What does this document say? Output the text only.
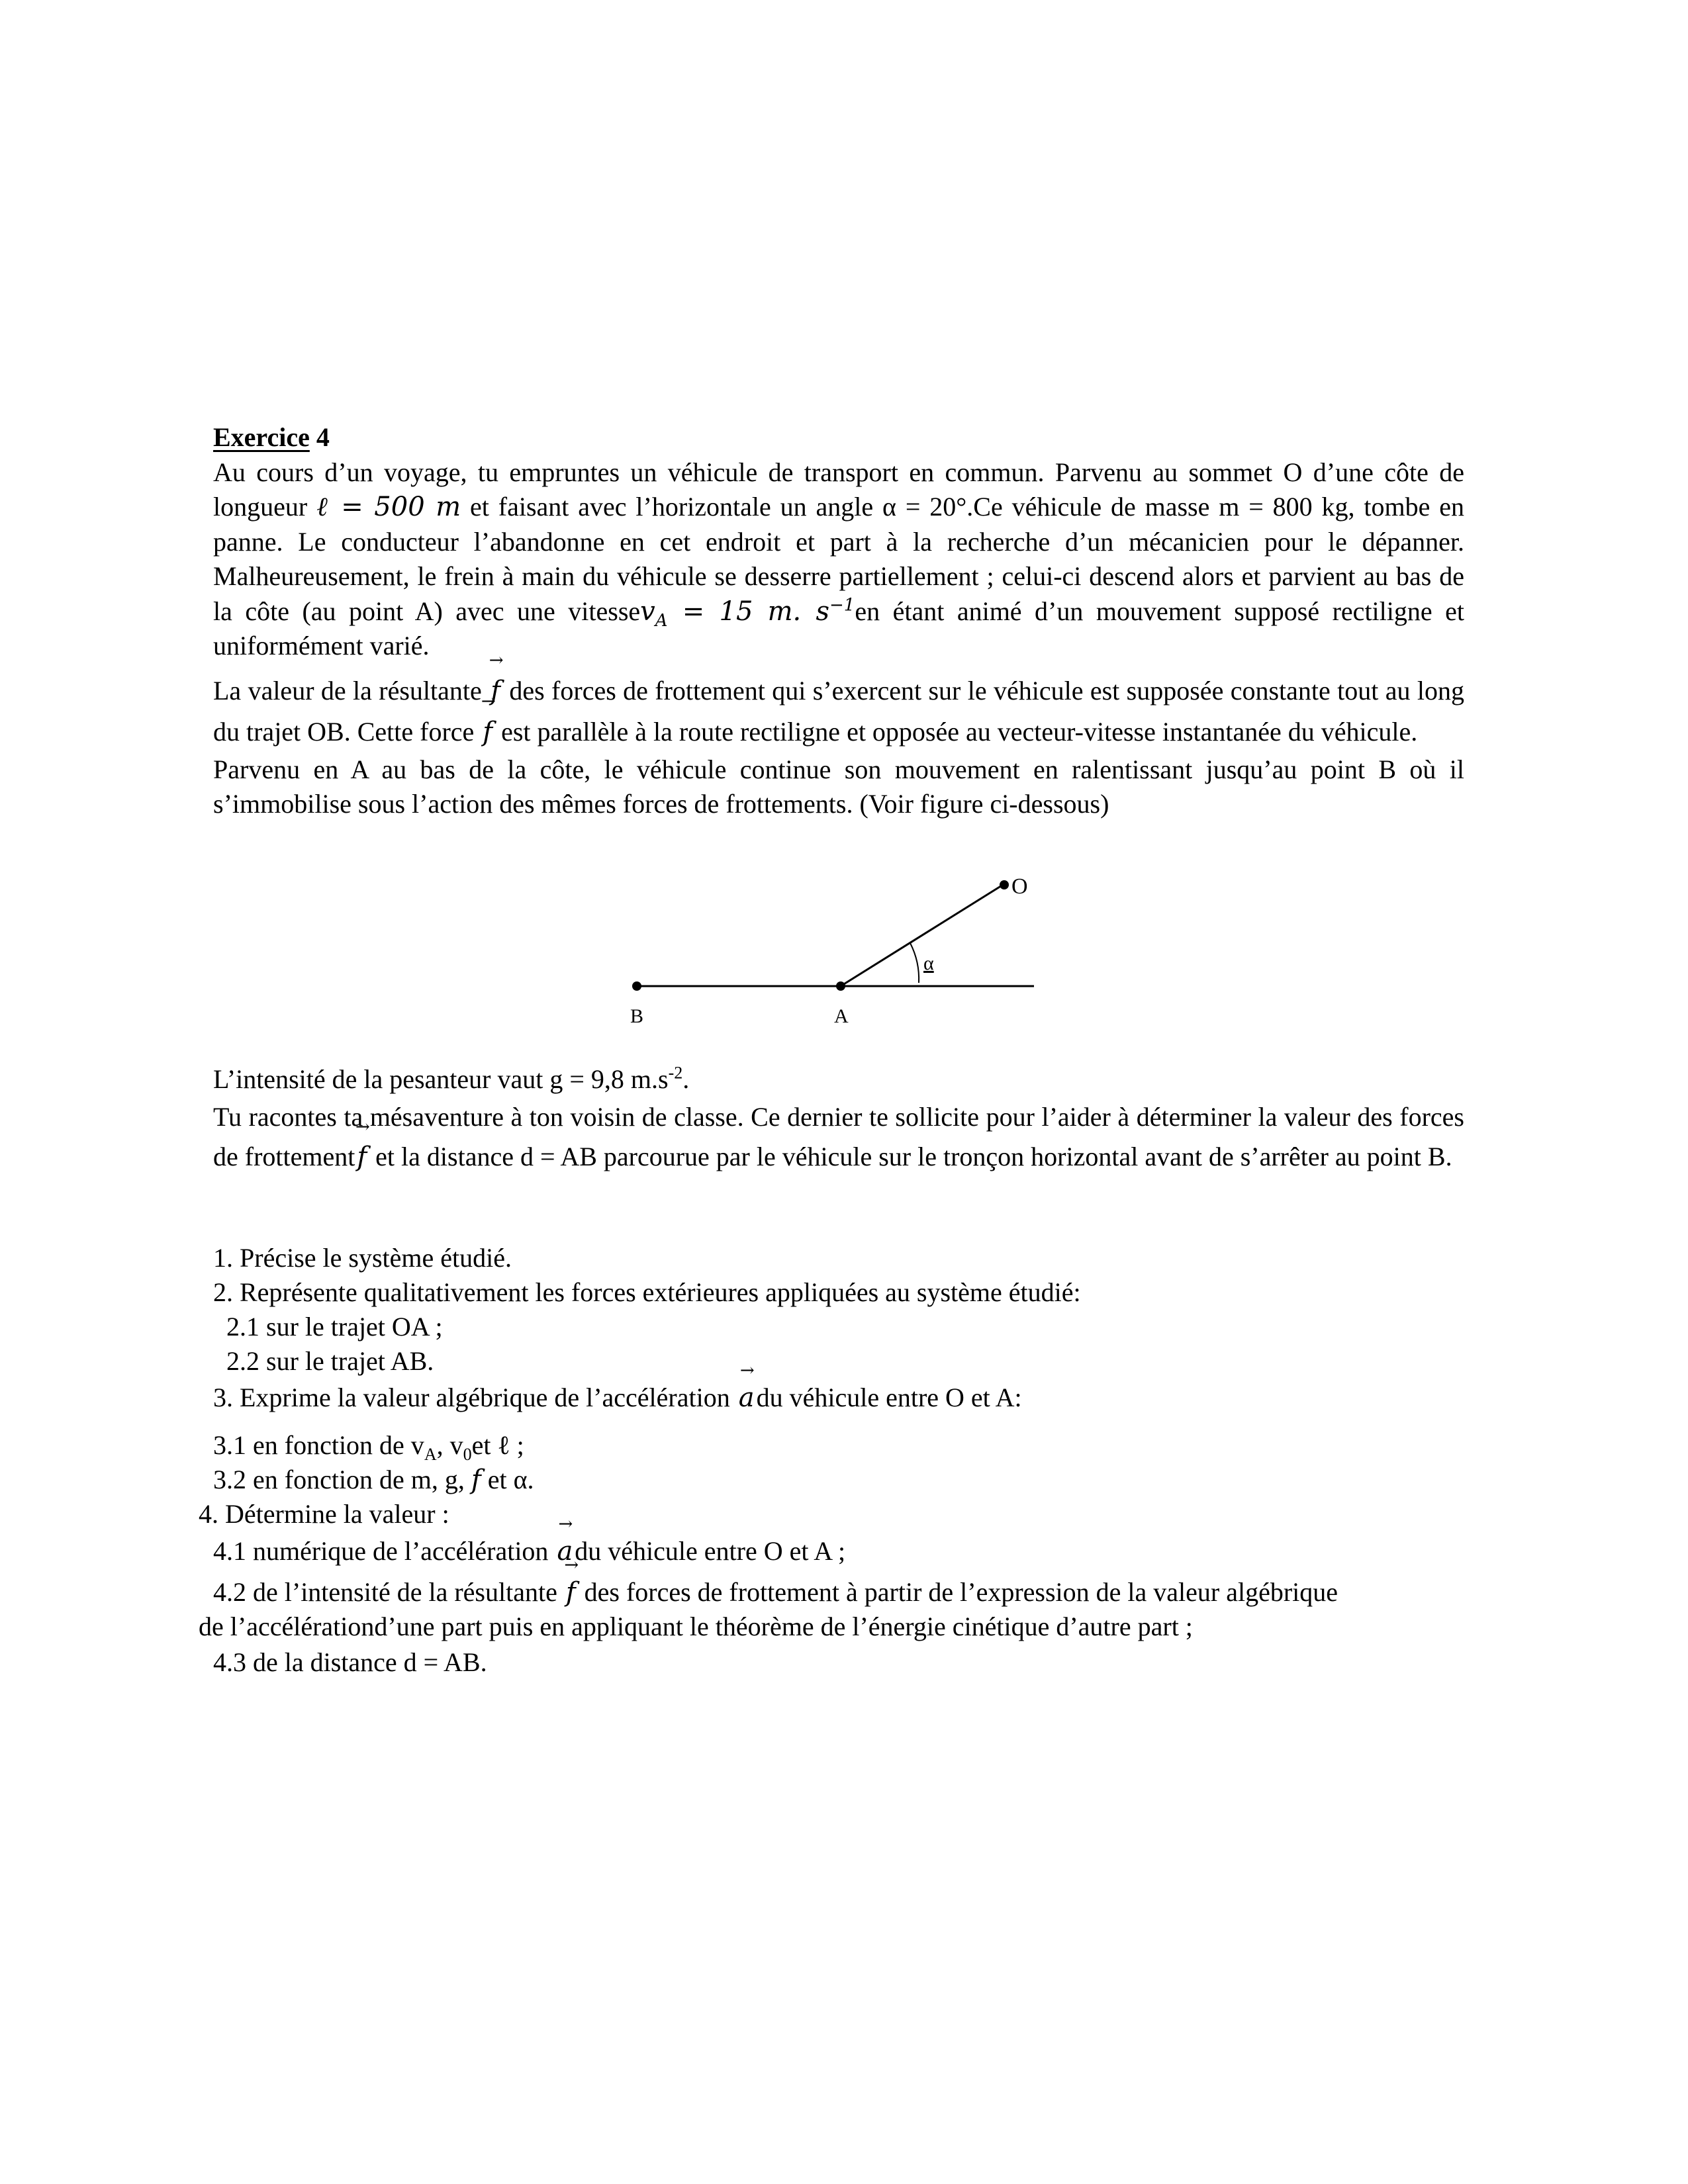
Exercice 4

Au cours d’un voyage, tu empruntes un véhicule de transport en commun. Parvenu au sommet O d’une côte de longueur ℓ = 500 m et faisant avec l’horizontale un angle α = 20°.Ce véhicule de masse m = 800 kg, tombe en panne. Le conducteur l’abandonne en cet endroit et part à la recherche d’un mécanicien pour le dépanner. Malheureusement, le frein à main du véhicule se desserre partiellement ; celui-ci descend alors et parvient au bas de la côte (au point A) avec une vitessev$_A$ = 15 m. $s^{-1}en$ étant animé d’un mouvement supposé rectiligne et uniformément varié.

La valeur de la résultante → f des forces de frottement qui s’exercent sur le véhicule est supposée constante tout au long du trajet OB. Cette force → f est parallèle à la route rectiligne et opposée au vecteur-vitesse instantanée du véhicule.

Parvenu en A au bas de la côte, le véhicule continue son mouvement en ralentissant jusqu’au point B où il s’immobilise sous l’action des mêmes forces de frottements. (Voir figure ci-dessous)

O
B	A
α

L’intensité de la pesanteur vaut g = 9,8 $m.s^{-2}$.

Tu racontes ta mésaventure à ton voisin de classe. Ce dernier te sollicite pour l’aider à déterminer la valeur des forces de frottement→ f et la distance d = AB parcourue par le véhicule sur le tronçon horizontal avant de s’arrêter au point B.

1. Précise le système étudié.
2. Représente qualitativement les forces extérieures appliquées au système étudié:
2.1 sur le trajet OA ;
2.2 sur le trajet AB.
3. Exprime la valeur algébrique de l’accélération → adu véhicule entre O et A:
3.1 en fonction de $v_A$, $v_0et$ ℓ ;
3.2 en fonction de m, g, f et α.
4. Détermine la valeur :
4.1 numérique de l’accélération → adu véhicule entre O et A ;
4.2 de l’intensité de la résultante → f des forces de frottement à partir de l’expression de la valeur algébrique
de l’accélérationd’une part puis en appliquant le théorème de l’énergie cinétique d’autre part ;
4.3 de la distance d = AB.
